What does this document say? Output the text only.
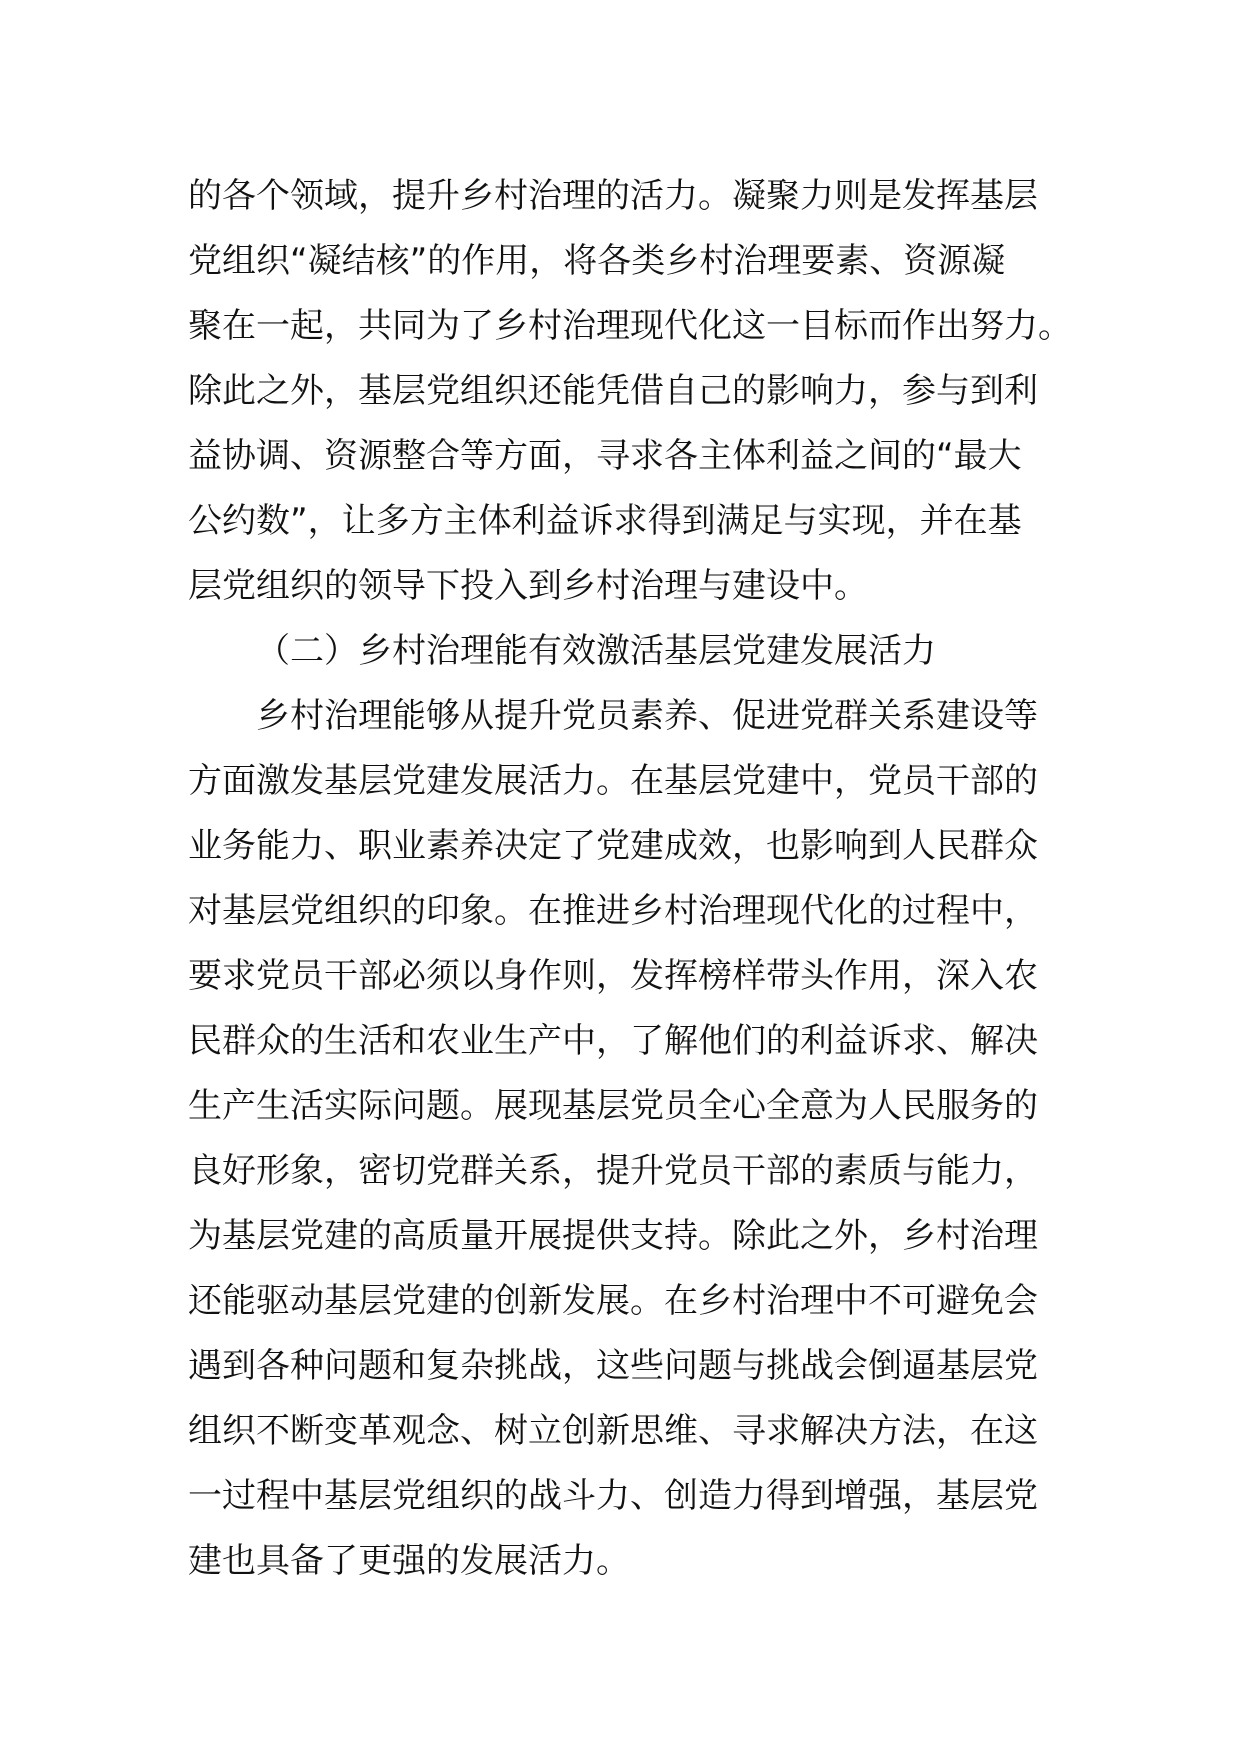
的各个领域，提升乡村治理的活力。凝聚力则是发挥基层
党组织“凝结核”的作用，将各类乡村治理要素、资源凝
聚在一起，共同为了乡村治理现代化这一目标而作出努力。
除此之外，基层党组织还能凭借自己的影响力，参与到利
益协调、资源整合等方面，寻求各主体利益之间的“最大
公约数”，让多方主体利益诉求得到满足与实现，并在基
层党组织的领导下投入到乡村治理与建设中。
（二）乡村治理能有效激活基层党建发展活力
乡村治理能够从提升党员素养、促进党群关系建设等
方面激发基层党建发展活力。在基层党建中，党员干部的
业务能力、职业素养决定了党建成效，也影响到人民群众
对基层党组织的印象。在推进乡村治理现代化的过程中，
要求党员干部必须以身作则，发挥榜样带头作用，深入农
民群众的生活和农业生产中，了解他们的利益诉求、解决
生产生活实际问题。展现基层党员全心全意为人民服务的
良好形象，密切党群关系，提升党员干部的素质与能力，
为基层党建的高质量开展提供支持。除此之外，乡村治理
还能驱动基层党建的创新发展。在乡村治理中不可避免会
遇到各种问题和复杂挑战，这些问题与挑战会倒逼基层党
组织不断变革观念、树立创新思维、寻求解决方法，在这
一过程中基层党组织的战斗力、创造力得到增强，基层党
建也具备了更强的发展活力。
